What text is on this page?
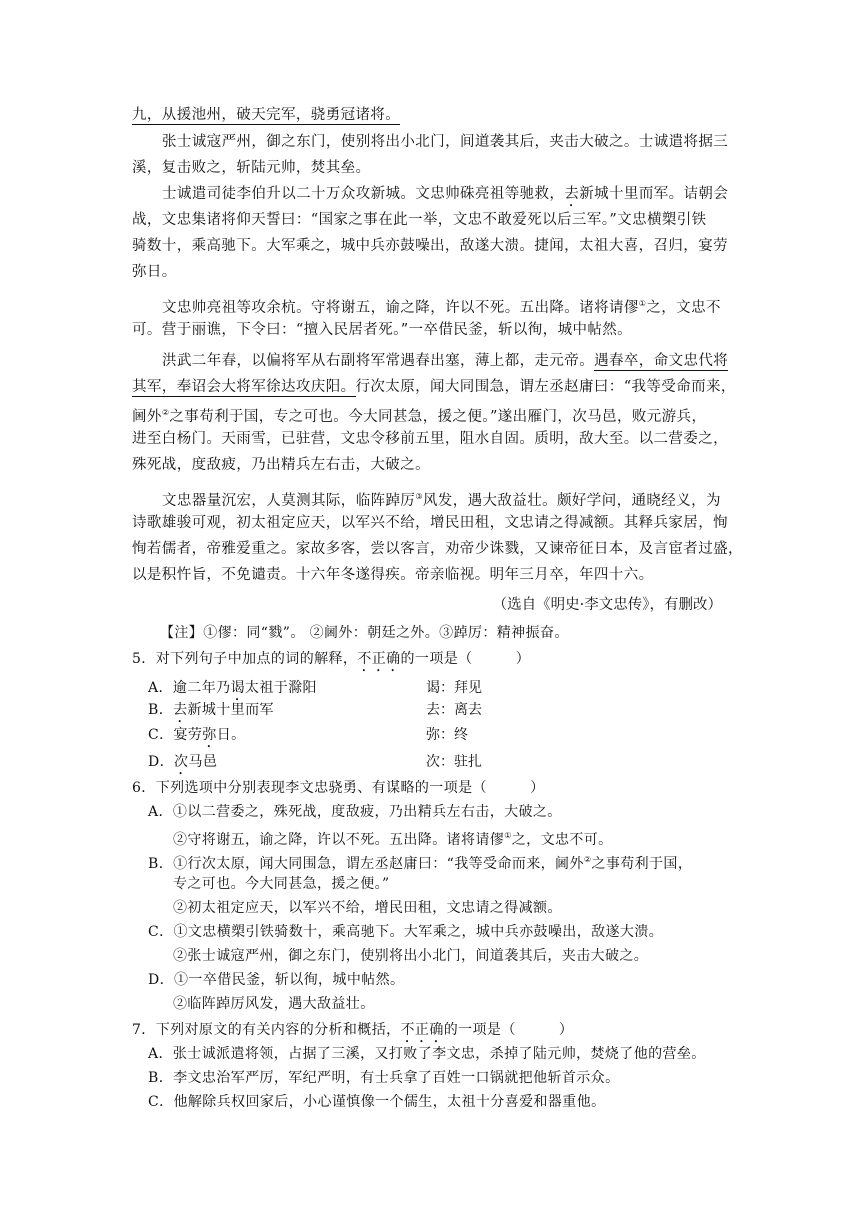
九，从援池州，破天完军，骁勇冠诸将。
张士诚寇严州，御之东门，使别将出小北门，间道袭其后，夹击大破之。士诚遣将据三
溪，复击败之，斩陆元帅，焚其垒。
士诚遣司徒李伯升以二十万众攻新城。文忠帅硃亮祖等驰救，去新城十里而军。诘朝会
战，文忠集诸将仰天誓曰：“国家之事在此一举，文忠不敢爱死以后三军。”文忠横槊引铁
骑数十，乘高驰下。大军乘之，城中兵亦鼓噪出，敌遂大溃。捷闻，太祖大喜，召归，宴劳
弥日。
文忠帅亮祖等攻余杭。守将谢五，谕之降，许以不死。五出降。诸将请僇①之，文忠不
可。营于丽谯，下令曰：“擅入民居者死。”一卒借民釜，斩以徇，城中帖然。
洪武二年春，以偏将军从右副将军常遇春出塞，薄上都，走元帝。遇春卒，命文忠代将
其军，奉诏会大将军徐达攻庆阳。行次太原，闻大同围急，谓左丞赵庸曰：“我等受命而来，
阃外②之事苟利于国，专之可也。今大同甚急，援之便。”遂出雁门，次马邑，败元游兵，
进至白杨门。天雨雪，已驻营，文忠令移前五里，阻水自固。质明，敌大至。以二营委之，
殊死战，度敌疲，乃出精兵左右击，大破之。
文忠器量沉宏，人莫测其际，临阵踔厉③风发，遇大敌益壮。颇好学问，通晓经义，为
诗歌雄骏可观，初太祖定应天，以军兴不给，增民田租，文忠请之得减额。其释兵家居，恂
恂若儒者，帝雅爱重之。家故多客，尝以客言，劝帝少诛戮，又谏帝征日本，及言宦者过盛，
以是积忤旨，不免谴责。十六年冬遂得疾。帝亲临视。明年三月卒，年四十六。
（选自《明史·李文忠传》，有删改）
【注】①僇：同“戮”。 ②阃外：朝廷之外。③踔厉：精神振奋。
5．对下列句子中加点的词的解释，不正确的一项是（　　　）
A．逾二年乃谒太祖于滁阳	谒：拜见
B．去新城十里而军	去：离去
C．宴劳弥日。	弥：终
D．次马邑	次：驻扎
6．下列选项中分别表现李文忠骁勇、有谋略的一项是（　　　）
A．①以二营委之，殊死战，度敌疲，乃出精兵左右击，大破之。
②守将谢五，谕之降，许以不死。五出降。诸将请僇①之，文忠不可。
B．①行次太原，闻大同围急，谓左丞赵庸曰：“我等受命而来，阃外②之事苟利于国，
专之可也。今大同甚急，援之便。”
②初太祖定应天，以军兴不给，增民田租，文忠请之得减额。
C．①文忠横槊引铁骑数十，乘高驰下。大军乘之，城中兵亦鼓噪出，敌遂大溃。
②张士诚寇严州，御之东门，使别将出小北门，间道袭其后，夹击大破之。
D．①一卒借民釜，斩以徇，城中帖然。
②临阵踔厉风发，遇大敌益壮。
7．下列对原文的有关内容的分析和概括，不正确的一项是（　　　）
A．张士诚派遣将领，占据了三溪，又打败了李文忠，杀掉了陆元帅，焚烧了他的营垒。
B．李文忠治军严厉，军纪严明，有士兵拿了百姓一口锅就把他斩首示众。
C．他解除兵权回家后，小心谨慎像一个儒生，太祖十分喜爱和器重他。
